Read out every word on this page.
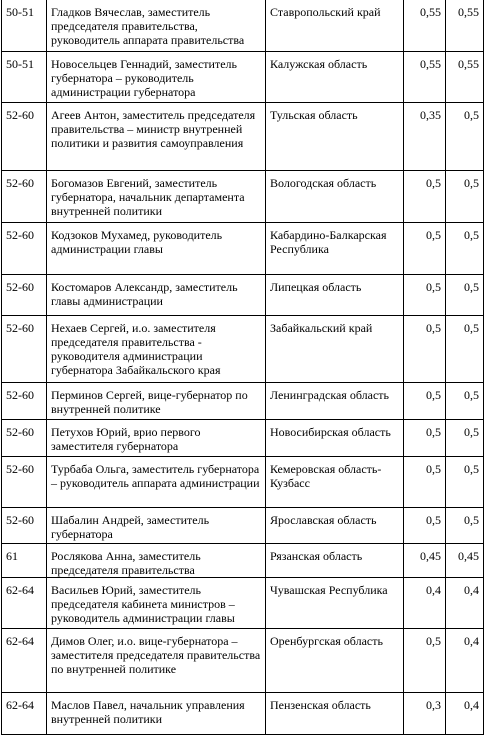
50-51	Гладков Вячеслав, заместитель председателя правительства, руководитель аппарата правительства	Ставропольский край	0,55	0,55
50-51	Новосельцев Геннадий, заместитель губернатора – руководитель администрации губернатора	Калужская область	0,55	0,55
52-60	Агеев Антон, заместитель председателя правительства – министр внутренней политики и развития самоуправления	Тульская область	0,35	0,5
52-60	Богомазов Евгений, заместитель губернатора, начальник департамента внутренней политики	Вологодская область	0,5	0,5
52-60	Кодзоков Мухамед, руководитель администрации главы	Кабардино-Балкарская Республика	0,5	0,5
52-60	Костомаров Александр, заместитель главы администрации	Липецкая область	0,5	0,5
52-60	Нехаев Сергей, и.о. заместителя председателя правительства - руководителя администрации губернатора Забайкальского края	Забайкальский край	0,5	0,5
52-60	Перминов Сергей, вице-губернатор по внутренней политике	Ленинградская область	0,5	0,5
52-60	Петухов Юрий, врио первого заместителя губернатора	Новосибирская область	0,5	0,5
52-60	Турбаба Ольга, заместитель губернатора – руководитель аппарата администрации	Кемеровская область-Кузбасс	0,5	0,5
52-60	Шабалин Андрей, заместитель губернатора	Ярославская область	0,5	0,5
61	Рослякова Анна, заместитель председателя правительства	Рязанская область	0,45	0,45
62-64	Васильев Юрий, заместитель председателя кабинета министров – руководитель администрации главы	Чувашская Республика	0,4	0,4
62-64	Димов Олег, и.о. вице-губернатора – заместителя председателя правительства по внутренней политике	Оренбургская область	0,5	0,4
62-64	Маслов Павел, начальник управления внутренней политики	Пензенская область	0,3	0,4
